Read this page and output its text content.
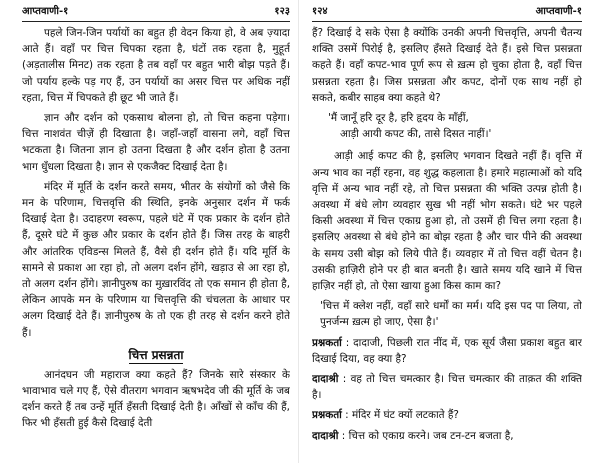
आप्तवाणी-१	१२३

पहले जिन-जिन पर्यायों का बहुत ही वेदन किया हो, वे अब ज़्यादा आते हैं। वहाँ पर चित्त चिपका रहता है, घंटों तक रहता है, मुहूर्त (अड़तालीस मिनट) तक रहता है तब वहाँ पर बहुत भारी बोझ पड़ते हैं। जो पर्याय हल्के पड़ गए हैं, उन पर्यायों का असर चित्त पर अधिक नहीं रहता, चित्त में चिपकते ही छूट भी जाते हैं।

ज्ञान और दर्शन को एकसाथ बोलना हो, तो चित्त कहना पड़ेगा। चित्त नाशवंत चीज़ें ही दिखाता है। जहाँ-जहाँ वासना लगे, वहाँ चित्त भटकता है। जितना ज्ञान हो उतना दिखता है और दर्शन होता है उतना भाग धुँधला दिखता है। ज्ञान से एकजैक्ट दिखाई देता है।

मंदिर में मूर्ति के दर्शन करते समय, भीतर के संयोगों को जैसे कि मन के परिणाम, चित्तवृत्ति की स्थिति, इनके अनुसार दर्शन में फर्क दिखाई देता है। उदाहरण स्वरूप, पहले घंटे में एक प्रकार के दर्शन होते हैं, दूसरे घंटे में कुछ और प्रकार के दर्शन होते हैं। जिस तरह के बाहरी और आंतरिक एविडन्स मिलते हैं, वैसे ही दर्शन होते हैं। यदि मूर्ति के सामने से प्रकाश आ रहा हो, तो अलग दर्शन होंगे, खड़ाउ से आ रहा हो, तो अलग दर्शन होंगे। ज्ञानीपुरुष का मुख़ारविंद तो एक समान ही होता है, लेकिन आपके मन के परिणाम या चित्तवृत्ति की चंचलता के आधार पर अलग दिखाई देते हैं। ज्ञानीपुरुष के तो एक ही तरह से दर्शन करने होते हैं।

चित्त प्रसन्नता

आनंदघन जी महाराज क्या कहते हैं? जिनके सारे संस्कार के भावाभाव चले गए हैं, ऐसे वीतराग भगवान ऋषभदेव जी की मूर्ति के जब दर्शन करते हैं तब उन्हें मूर्ति हँसती दिखाई देती है। आँखों से काँच की हैं, फिर भी हँसती हुई कैसे दिखाई देती

१२४	आप्तवाणी-१

हैं? दिखाई दे सके ऐसा है क्योंकि उनकी अपनी चित्तवृत्ति, अपनी चैतन्य शक्ति उसमें पिरोई है, इसलिए हँसते दिखाई देते हैं। इसे चित्त प्रसन्नता कहते हैं। वहाँ कपट-भाव पूर्ण रूप से ख़त्म हो चुका होता है, वहाँ चित्त प्रसन्नता रहता है। जिस प्रसन्नता और कपट, दोनों एक साथ नहीं हो सकते, कबीर साहब क्या कहते थे?

'मैं जानूँ हरि दूर है, हरि हृदय के माँहीं,

आड़ी आयी कपट की, तासे दिसत नाहीं।'

आड़ी आई कपट की है, इसलिए भगवान दिखते नहीं हैं। वृत्ति में अन्य भाव का नहीं रहना, वह शुद्ध कहलाता है। हमारे महात्माओं को यदि वृत्ति में अन्य भाव नहीं रहे, तो चित्त प्रसन्नता की भक्ति उत्पन्न होती है। अवस्था में बंधे लोग व्यवहार सुख भी नहीं भोग सकते। घंटे भर पहले किसी अवस्था में चित्त एकाग्र हुआ हो, तो उसमें ही चित्त लगा रहता है। इसलिए अवस्था से बंधे होने का बोझ रहता है और चार पीने की अवस्था के समय उसी बोझ को लिये पीते हैं। व्यवहार में तो चित्त वहीं चेतन है। उसकी हाज़िरी होने पर ही बात बनती है। खाते समय यदि खाने में चित्त हाज़िर नहीं हो, तो ऐसा खाया हुआ किस काम का?

'चित्त में क्लेश नहीं, वहाँ सारे धर्मों का मर्म। यदि इस पद पा लिया, तो पुनर्जन्म ख़त्म हो जाए, ऐसा है।'

प्रश्नकर्ता : दादाजी, पिछली रात नींद में, एक सूर्य जैसा प्रकाश बहुत बार दिखाई दिया, वह क्या है?

दादाश्री : वह तो चित्त चमत्कार है। चित्त चमत्कार की ताक़त की शक्ति है।

प्रश्नकर्ता : मंदिर में घंट क्यों लटकाते हैं?

दादाश्री : चित्त को एकाग्र करने। जब टन-टन बजता है,
